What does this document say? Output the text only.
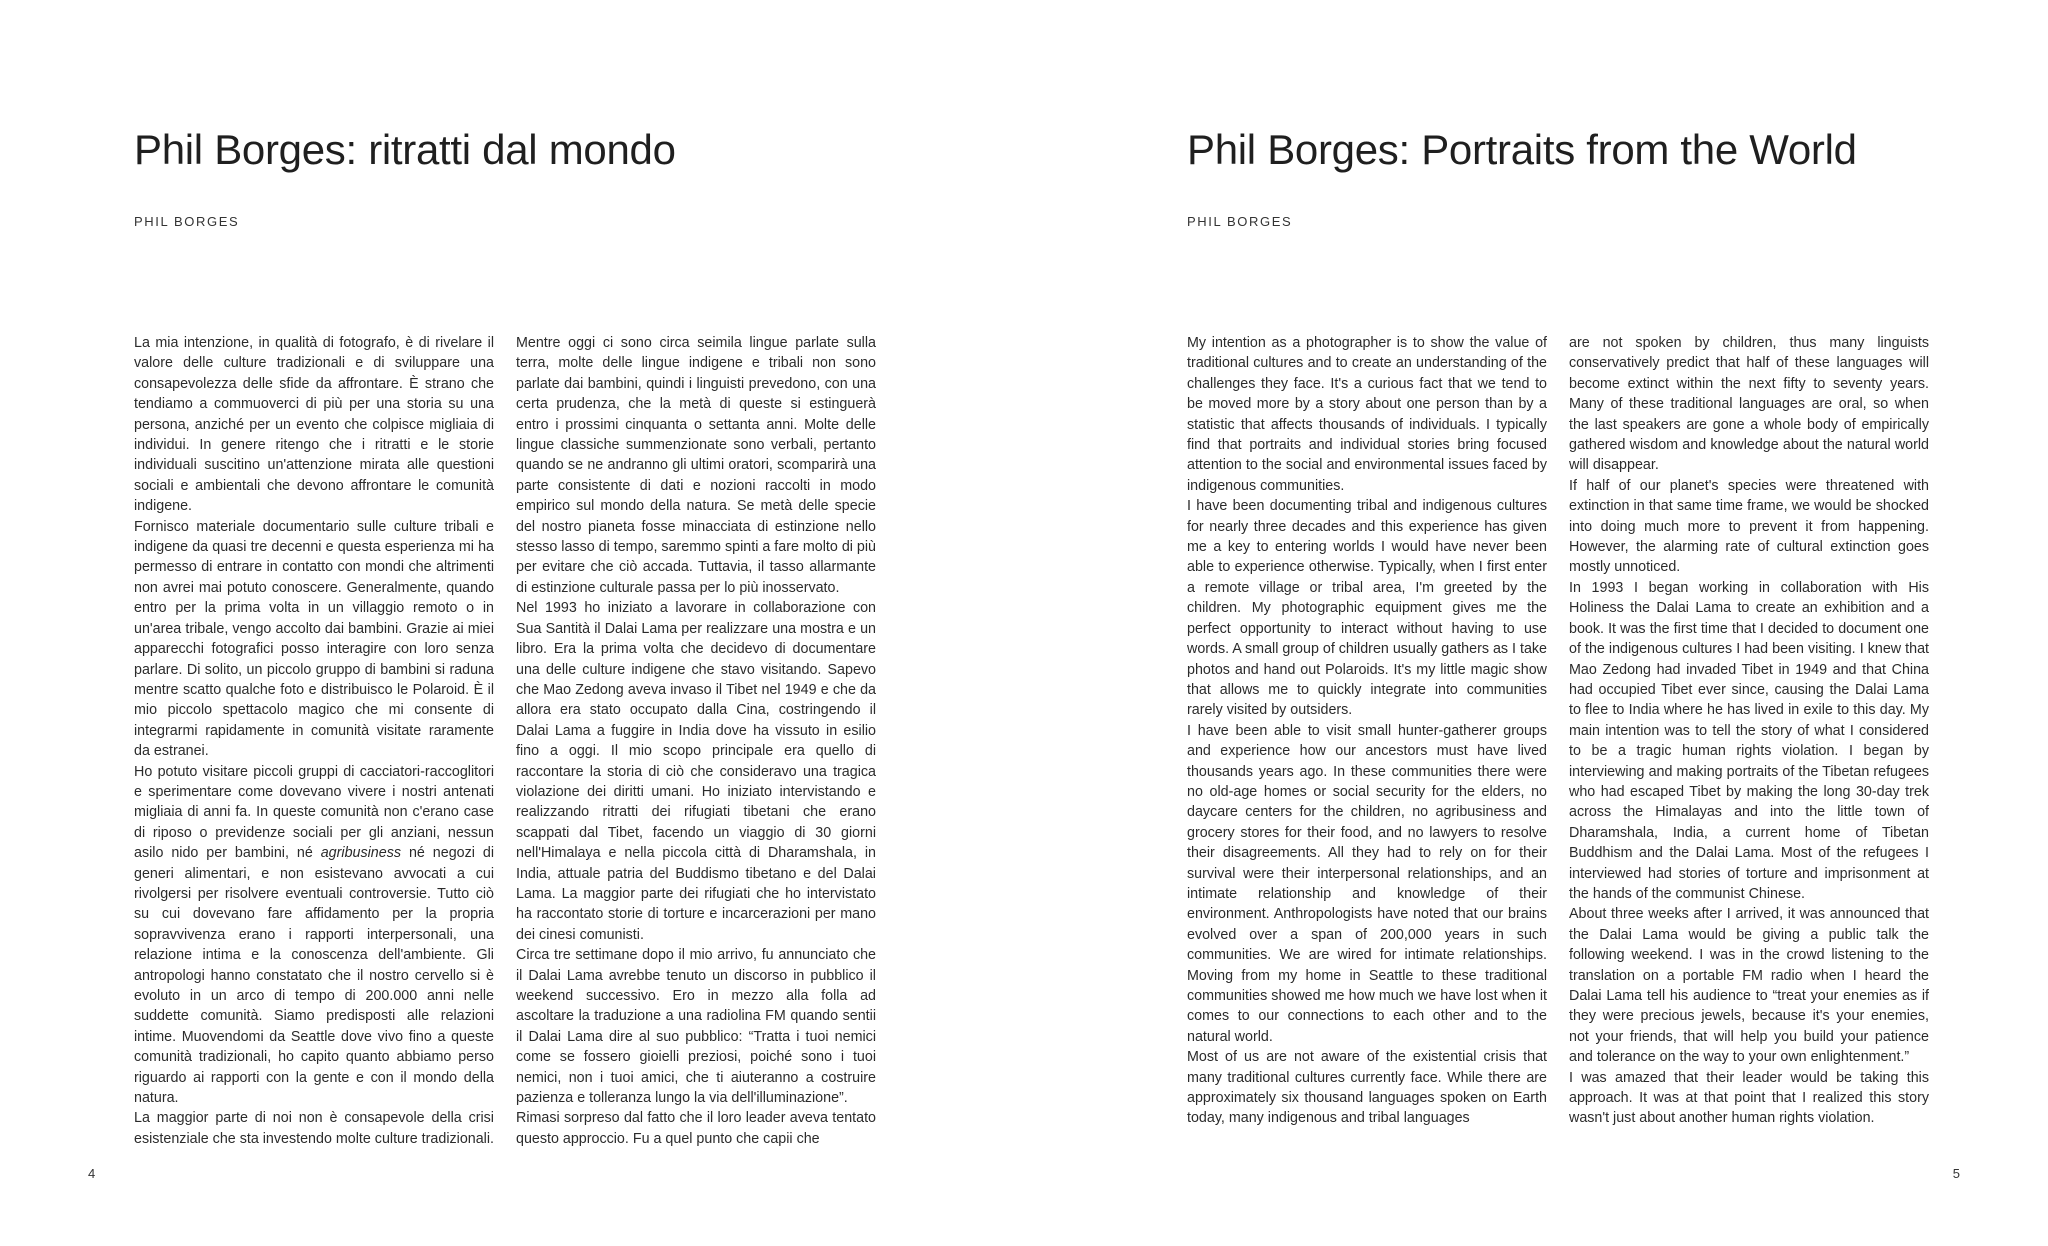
Phil Borges: ritratti dal mondo
PHIL BORGES

La mia intenzione, in qualità di fotografo, è di rivelare il valore delle culture tradizionali e di sviluppare una consapevolezza delle sfide da affrontare. È strano che tendiamo a commuoverci di più per una storia su una persona, anziché per un evento che colpisce migliaia di individui. In genere ritengo che i ritratti e le storie individuali suscitino un'attenzione mirata alle questioni sociali e ambientali che devono affrontare le comunità indigene.

Fornisco materiale documentario sulle culture tribali e indigene da quasi tre decenni e questa esperienza mi ha permesso di entrare in contatto con mondi che altrimenti non avrei mai potuto conoscere. Generalmente, quando entro per la prima volta in un villaggio remoto o in un'area tribale, vengo accolto dai bambini. Grazie ai miei apparecchi fotografici posso interagire con loro senza parlare. Di solito, un piccolo gruppo di bambini si raduna mentre scatto qualche foto e distribuisco le Polaroid. È il mio piccolo spettacolo magico che mi consente di integrarmi rapidamente in comunità visitate raramente da estranei.

Ho potuto visitare piccoli gruppi di cacciatori-raccoglitori e sperimentare come dovevano vivere i nostri antenati migliaia di anni fa. In queste comunità non c'erano case di riposo o previdenze sociali per gli anziani, nessun asilo nido per bambini, né agribusiness né negozi di generi alimentari, e non esistevano avvocati a cui rivolgersi per risolvere eventuali controversie. Tutto ciò su cui dovevano fare affidamento per la propria sopravvivenza erano i rapporti interpersonali, una relazione intima e la conoscenza dell'ambiente. Gli antropologi hanno constatato che il nostro cervello si è evoluto in un arco di tempo di 200.000 anni nelle suddette comunità. Siamo predisposti alle relazioni intime. Muovendomi da Seattle dove vivo fino a queste comunità tradizionali, ho capito quanto abbiamo perso riguardo ai rapporti con la gente e con il mondo della natura.

La maggior parte di noi non è consapevole della crisi esistenziale che sta investendo molte culture tradizionali.

Mentre oggi ci sono circa seimila lingue parlate sulla terra, molte delle lingue indigene e tribali non sono parlate dai bambini, quindi i linguisti prevedono, con una certa prudenza, che la metà di queste si estinguerà entro i prossimi cinquanta o settanta anni. Molte delle lingue classiche summenzionate sono verbali, pertanto quando se ne andranno gli ultimi oratori, scomparirà una parte consistente di dati e nozioni raccolti in modo empirico sul mondo della natura. Se metà delle specie del nostro pianeta fosse minacciata di estinzione nello stesso lasso di tempo, saremmo spinti a fare molto di più per evitare che ciò accada. Tuttavia, il tasso allarmante di estinzione culturale passa per lo più inosservato.

Nel 1993 ho iniziato a lavorare in collaborazione con Sua Santità il Dalai Lama per realizzare una mostra e un libro. Era la prima volta che decidevo di documentare una delle culture indigene che stavo visitando. Sapevo che Mao Zedong aveva invaso il Tibet nel 1949 e che da allora era stato occupato dalla Cina, costringendo il Dalai Lama a fuggire in India dove ha vissuto in esilio fino a oggi. Il mio scopo principale era quello di raccontare la storia di ciò che consideravo una tragica violazione dei diritti umani. Ho iniziato intervistando e realizzando ritratti dei rifugiati tibetani che erano scappati dal Tibet, facendo un viaggio di 30 giorni nell'Himalaya e nella piccola città di Dharamshala, in India, attuale patria del Buddismo tibetano e del Dalai Lama. La maggior parte dei rifugiati che ho intervistato ha raccontato storie di torture e incarcerazioni per mano dei cinesi comunisti.

Circa tre settimane dopo il mio arrivo, fu annunciato che il Dalai Lama avrebbe tenuto un discorso in pubblico il weekend successivo. Ero in mezzo alla folla ad ascoltare la traduzione a una radiolina FM quando sentii il Dalai Lama dire al suo pubblico: “Tratta i tuoi nemici come se fossero gioielli preziosi, poiché sono i tuoi nemici, non i tuoi amici, che ti aiuteranno a costruire pazienza e tolleranza lungo la via dell'illuminazione”.

Rimasi sorpreso dal fatto che il loro leader aveva tentato questo approccio. Fu a quel punto che capii che

4
Phil Borges: Portraits from the World
PHIL BORGES

My intention as a photographer is to show the value of traditional cultures and to create an understanding of the challenges they face. It's a curious fact that we tend to be moved more by a story about one person than by a statistic that affects thousands of individuals. I typically find that portraits and individual stories bring focused attention to the social and environmental issues faced by indigenous communities.

I have been documenting tribal and indigenous cultures for nearly three decades and this experience has given me a key to entering worlds I would have never been able to experience otherwise. Typically, when I first enter a remote village or tribal area, I'm greeted by the children. My photographic equipment gives me the perfect opportunity to interact without having to use words. A small group of children usually gathers as I take photos and hand out Polaroids. It's my little magic show that allows me to quickly integrate into communities rarely visited by outsiders.

I have been able to visit small hunter-gatherer groups and experience how our ancestors must have lived thousands years ago. In these communities there were no old-age homes or social security for the elders, no daycare centers for the children, no agribusiness and grocery stores for their food, and no lawyers to resolve their disagreements. All they had to rely on for their survival were their interpersonal relationships, and an intimate relationship and knowledge of their environment. Anthropologists have noted that our brains evolved over a span of 200,000 years in such communities. We are wired for intimate relationships. Moving from my home in Seattle to these traditional communities showed me how much we have lost when it comes to our connections to each other and to the natural world.

Most of us are not aware of the existential crisis that many traditional cultures currently face. While there are approximately six thousand languages spoken on Earth today, many indigenous and tribal languages

are not spoken by children, thus many linguists conservatively predict that half of these languages will become extinct within the next fifty to seventy years. Many of these traditional languages are oral, so when the last speakers are gone a whole body of empirically gathered wisdom and knowledge about the natural world will disappear.

If half of our planet's species were threatened with extinction in that same time frame, we would be shocked into doing much more to prevent it from happening. However, the alarming rate of cultural extinction goes mostly unnoticed.

In 1993 I began working in collaboration with His Holiness the Dalai Lama to create an exhibition and a book. It was the first time that I decided to document one of the indigenous cultures I had been visiting. I knew that Mao Zedong had invaded Tibet in 1949 and that China had occupied Tibet ever since, causing the Dalai Lama to flee to India where he has lived in exile to this day. My main intention was to tell the story of what I considered to be a tragic human rights violation. I began by interviewing and making portraits of the Tibetan refugees who had escaped Tibet by making the long 30-day trek across the Himalayas and into the little town of Dharamshala, India, a current home of Tibetan Buddhism and the Dalai Lama. Most of the refugees I interviewed had stories of torture and imprisonment at the hands of the communist Chinese.

About three weeks after I arrived, it was announced that the Dalai Lama would be giving a public talk the following weekend. I was in the crowd listening to the translation on a portable FM radio when I heard the Dalai Lama tell his audience to “treat your enemies as if they were precious jewels, because it's your enemies, not your friends, that will help you build your patience and tolerance on the way to your own enlightenment.”

I was amazed that their leader would be taking this approach. It was at that point that I realized this story wasn't just about another human rights violation.

5
